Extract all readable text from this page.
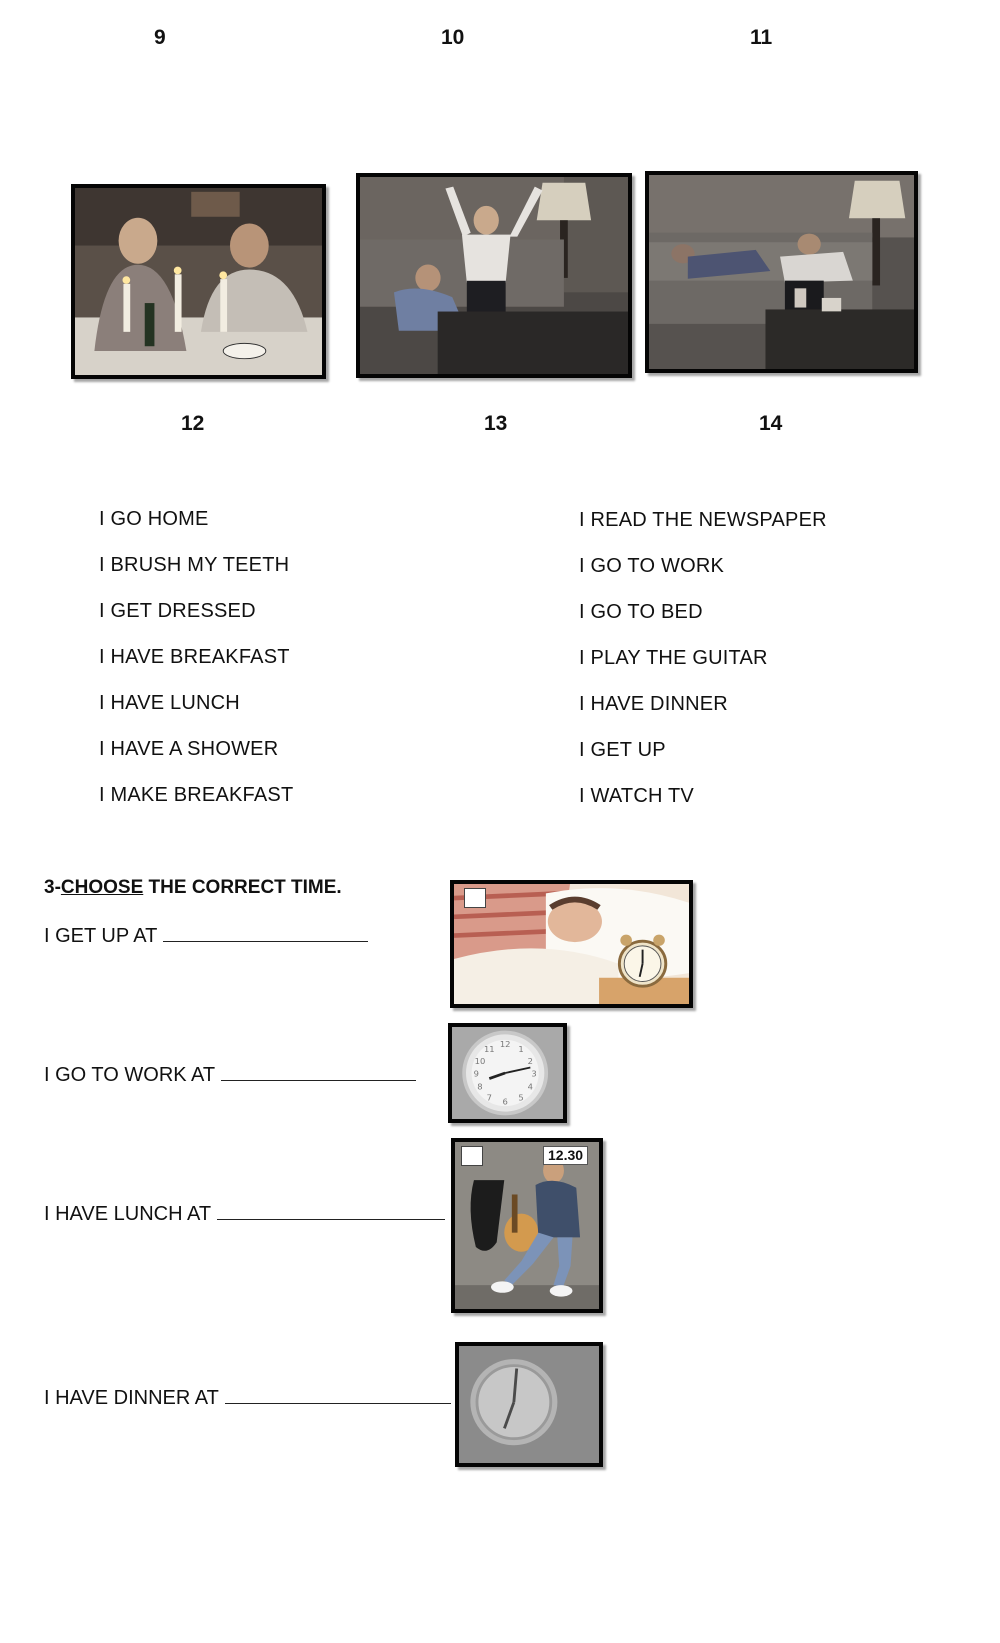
9	10	11
12	13	14
I GO HOME
I BRUSH MY TEETH
I GET DRESSED
I HAVE BREAKFAST
I HAVE LUNCH
I HAVE A SHOWER
I MAKE BREAKFAST
I READ THE NEWSPAPER
I GO TO WORK
I GO TO BED
I PLAY THE GUITAR
I HAVE DINNER
I GET UP
I WATCH TV
3-CHOOSE THE CORRECT TIME.
I GET UP AT
I GO TO WORK AT
I HAVE LUNCH AT
I HAVE DINNER AT
12 1
2
3
4
5
6
7
8
9
10
11
12.30
